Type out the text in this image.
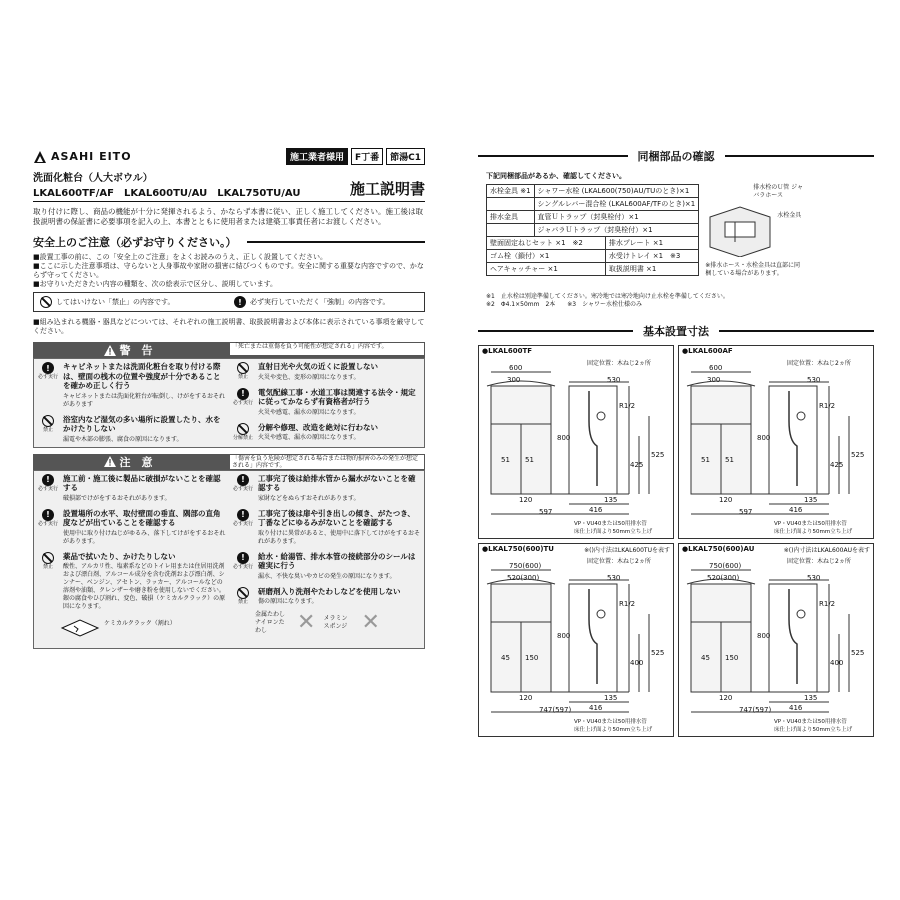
ASAHI EITO	施工業者様用	F丁番	節湯C1
洗面化粧台（人大ボウル）
LKAL600TF/AF　LKAL600TU/AU　LKAL750TU/AU	施工説明書
取り付けに際し、商品の機能が十分に発揮されるよう、かならず本書に従い、正しく施工してください。施工後は取扱説明書の保証書に必要事項を記入の上、本書とともに使用者または建築工事責任者にお渡しください。
安全上のご注意（必ずお守りください。）
■設置工事の前に、この「安全上のご注意」をよくお読みのうえ、正しく設置してください。
■ここに示した注意事項は、守らないと人身事故や家財の損害に結びつくものです。安全に関する重要な内容ですので、かならず守ってください。
■お守りいただきたい内容の種類を、次の絵表示で区分し、説明しています。
してはいけない「禁止」の内容です。	!	必ず実行していただく「強制」の内容です。
■組み込まれる機器・器具などについては、それぞれの施工説明書、取扱説明書および本体に表示されている事項を厳守してください。
警　告	「死亡または重傷を負う可能性が想定される」内容です。
!
必ず実行
キャビネットまたは洗面化粧台を取り付ける際は、壁面の桟木の位置や強度が十分であることを確かめ正しく行う
キャビネットまたは洗面化粧台が転倒し、けがをするおそれがあります
禁止
浴室内など湿気の多い場所に設置したり、水をかけたりしない
漏電や木部の膨張、腐食の原因になります。
禁止
直射日光や火気の近くに設置しない
火災や変色、変形の原因になります。
!
必ず実行
電気配線工事・水道工事は関連する法令・規定に従ってかならず有資格者が行う
火災や感電、漏水の原因になります。
分解禁止
分解や修理、改造を絶対に行わない
火災や感電、漏水の原因になります。
注　意	「傷害を負う危険が想定される場合または物的損害のみの発生が想定される」内容です。
!
必ず実行
施工前・施工後に製品に破損がないことを確認する
破損部でけがをするおそれがあります。
!
必ず実行
設置場所の水平、取付壁面の垂直、隅部の直角度などが出ていることを確認する
使用中に取り付けねじがゆるみ、落下してけがをするおそれがあります。
禁止
薬品で拭いたり、かけたりしない
酸性、アルカリ性、塩素系などのトイレ用または住居用洗剤および漂白剤、アルコール成分を含む洗剤および漂白剤、シンナー、ベンジン、アセトン、ラッカー、アルコールなどの溶剤や油類、クレンザーや磨き粉を使用しないでください。銀の腐食やひび割れ、変色、破損（ケミカルクラック）の原因になります。
ケミカルクラック（割れ）
!
必ず実行
工事完了後は給排水管から漏水がないことを確認する
家財などをぬらすおそれがあります。
!
必ず実行
工事完了後は扉や引き出しの傾き、がたつき、丁番などにゆるみがないことを確認する
取り付けに異常があると、使用中に落下してけがをするおそれがあります。
!
必ず実行
給水・給湯管、排水本管の接続部分のシールは確実に行う
漏水、不快な臭いやカビの発生の原因になります。
禁止
研磨剤入り洗剤やたわしなどを使用しない
傷の原因になります。
金属たわし ナイロンたわし	✕ メラミン スポンジ ✕
同梱部品の確認
下記同梱部品があるか、確認してください。
水栓金具 ※1	シャワー水栓 (LKAL600(750)AU/TUのとき)×1
	シングルレバー混合栓 (LKAL600AF/TFのとき)×1
排水金具	直管Ｕトラップ（封臭栓付）×1
	ジャバラＵトラップ（封臭栓付）×1
壁面固定ねじセット ×1　※2	排水プレート ×1
ゴム栓（鎖付）×1	水受けトレイ ×1　※3
ヘアキャッチャー ×1	取扱説明書 ×1
排水栓のＵ管 ジャバラホース
水栓金具
※排水ホース・水栓金具は直部に同梱している場合があります。
※1　止水栓は別途準備してください。寒冷地では寒冷地向け止水栓を準備してください。
※2　Φ4.1×50mm　2本　　※3　シャワー水栓仕様のみ
基本設置寸法
●LKAL600TF
固定位置：木ねじ2ヵ所
600
300	530
800
R1/2
425
525
51 51
120	135
416
597
VP・VU40または50用排水管
床仕上げ面より50mm立ち上げ
●LKAL600AF
固定位置：木ねじ2ヵ所
600
300	530
800
R1/2
425
525
51 51
120	135
416
597
VP・VU40または50用排水管
床仕上げ面より50mm立ち上げ
●LKAL750(600)TU	※()内寸法はLKAL600TUを表す
固定位置：木ねじ2ヵ所
750(600)
520(300)	530
800
R1/2
400
525
45 150
120	135
416
747(597)
VP・VU40または50用排水管
床仕上げ面より50mm立ち上げ
●LKAL750(600)AU	※()内寸法はLKAL600AUを表す
固定位置：木ねじ2ヵ所
750(600)
520(300)	530
800
R1/2
400
525
45 150
120	135
416
747(597)
VP・VU40または50用排水管
床仕上げ面より50mm立ち上げ
